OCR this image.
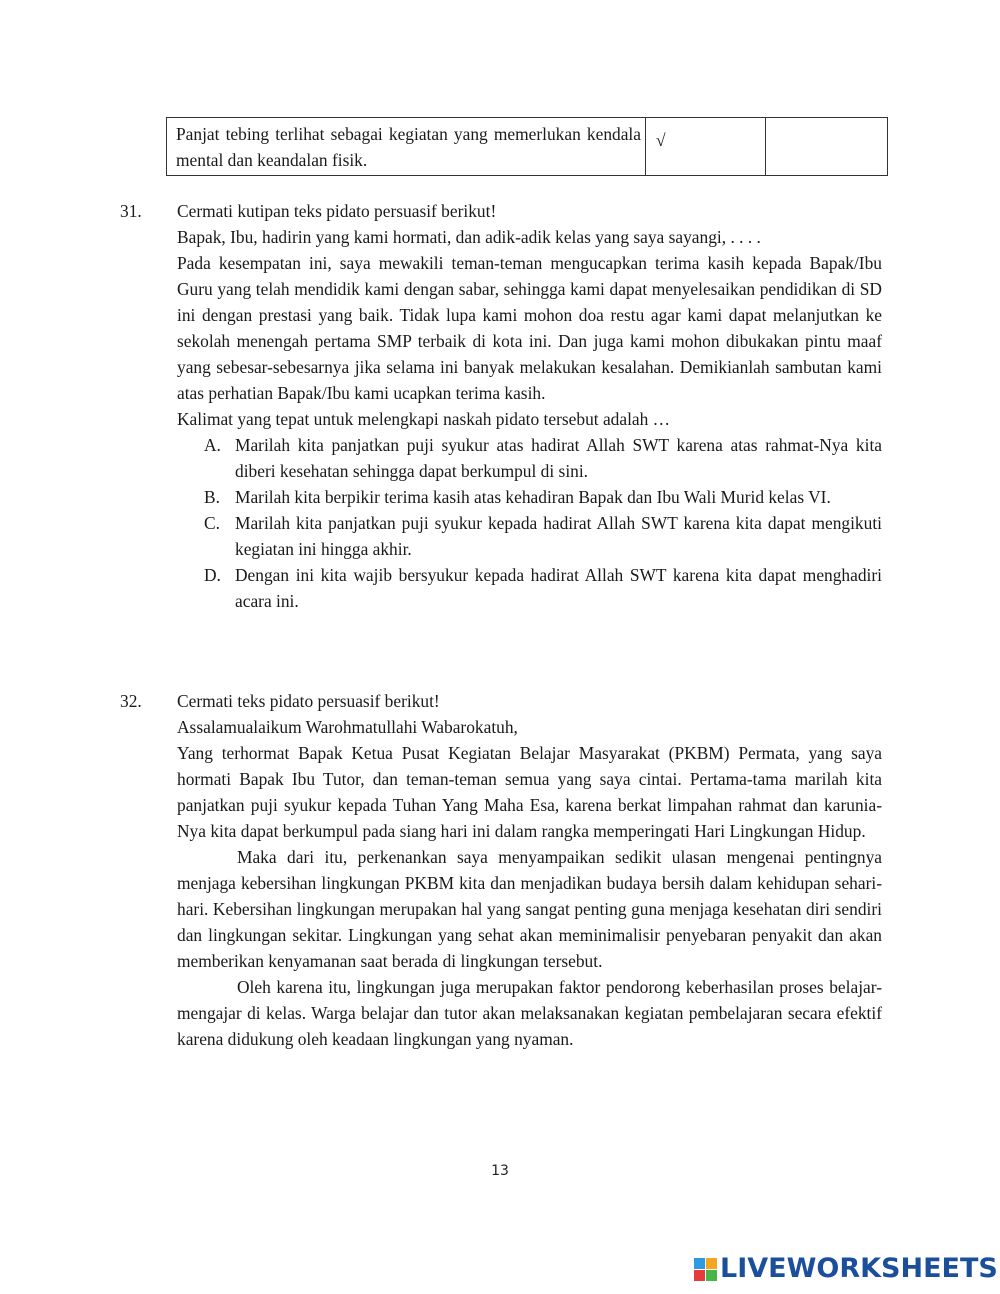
Panjat tebing terlihat sebagai kegiatan yang memerlukan kendala mental dan keandalan fisik.	√	
31.	Cermati kutipan teks pidato persuasif berikut!

Bapak, Ibu, hadirin yang kami hormati, dan adik-adik kelas yang saya sayangi, . . . .

Pada kesempatan ini, saya mewakili teman-teman mengucapkan terima kasih kepada Bapak/Ibu Guru yang telah mendidik kami dengan sabar, sehingga kami dapat menyelesaikan pendidikan di SD ini dengan prestasi yang baik. Tidak lupa kami mohon doa restu agar kami dapat melanjutkan ke sekolah menengah pertama SMP terbaik di kota ini. Dan juga kami mohon dibukakan pintu maaf yang sebesar-sebesarnya jika selama ini banyak melakukan kesalahan. Demikianlah sambutan kami atas perhatian Bapak/Ibu kami ucapkan terima kasih.

Kalimat yang tepat untuk melengkapi naskah pidato tersebut adalah …

A. Marilah kita panjatkan puji syukur atas hadirat Allah SWT karena atas rahmat-Nya kita diberi kesehatan sehingga dapat berkumpul di sini.
B. Marilah kita berpikir terima kasih atas kehadiran Bapak dan Ibu Wali Murid kelas VI.
C. Marilah kita panjatkan puji syukur kepada hadirat Allah SWT karena kita dapat mengikuti kegiatan ini hingga akhir.
D. Dengan ini kita wajib bersyukur kepada hadirat Allah SWT karena kita dapat menghadiri acara ini.
32.	Cermati teks pidato persuasif berikut!

Assalamualaikum Warohmatullahi Wabarokatuh,

Yang terhormat Bapak Ketua Pusat Kegiatan Belajar Masyarakat (PKBM) Permata, yang saya hormati Bapak Ibu Tutor, dan teman-teman semua yang saya cintai. Pertama-tama marilah kita panjatkan puji syukur kepada Tuhan Yang Maha Esa, karena berkat limpahan rahmat dan karunia-Nya kita dapat berkumpul pada siang hari ini dalam rangka memperingati Hari Lingkungan Hidup.

Maka dari itu, perkenankan saya menyampaikan sedikit ulasan mengenai pentingnya menjaga kebersihan lingkungan PKBM kita dan menjadikan budaya bersih dalam kehidupan sehari-hari. Kebersihan lingkungan merupakan hal yang sangat penting guna menjaga kesehatan diri sendiri dan lingkungan sekitar. Lingkungan yang sehat akan meminimalisir penyebaran penyakit dan akan memberikan kenyamanan saat berada di lingkungan tersebut.

Oleh karena itu, lingkungan juga merupakan faktor pendorong keberhasilan proses belajar-mengajar di kelas. Warga belajar dan tutor akan melaksanakan kegiatan pembelajaran secara efektif karena didukung oleh keadaan lingkungan yang nyaman.

13
LIVEWORKSHEETS
